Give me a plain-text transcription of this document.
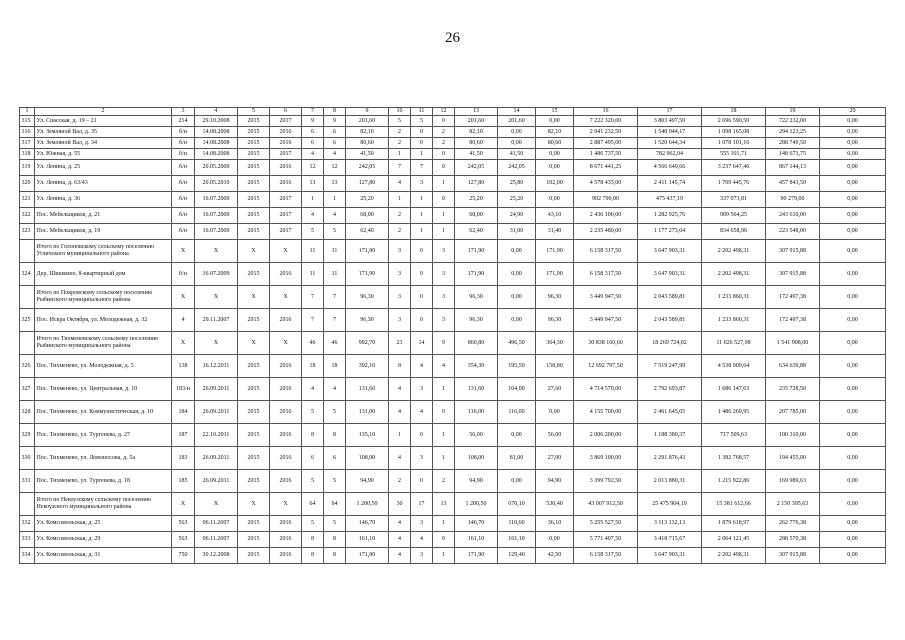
26
1	2	3	4	5	6	7	8	9	10	11	12	13	14	15	16	17	18	19	20
315	Ул. Спасская, д. 19 – 21	214	29.10.2008	2015	2017	9	9	201,60	5	5	0	201,60	201,60	0,00	7 222 320,00	3 803 497,50	2 696 590,50	722 232,00	0,00
316	Ул. Земляной Вал, д. 35	б/н	14.08.2008	2015	2016	6	6	82,10	2	0	2	82,10	0,00	82,10	2 941 232,50	1 548 944,17	1 098 165,08	294 123,25	0,00
317	Ул. Земляной Вал, д. 34	б/н	14.08.2008	2015	2016	6	6	80,60	2	0	2	80,60	0,00	80,60	2 887 495,00	1 520 644,34	1 078 101,16	288 749,50	0,00
318	Ул. Южная, д. 55	б/н	14.08.2008	2015	2017	4	4	41,50	1	1	0	41,50	41,50	0,00	1 486 737,50	782 962,04	555 101,71	148 673,75	0,00
319	Ул. Ленина, д. 25	б/н	20.05.2009	2015	2016	12	12	242,05	7	7	0	242,05	242,05	0,00	8 671 441,25	4 566 649,66	3 237 647,46	867 144,13	0,00
320	Ул. Ленина, д. 63/43	б/н	20.05.2010	2015	2016	13	13	127,80	4	3	1	127,80	25,80	102,00	4 578 435,00	2 411 145,74	1 709 445,76	457 843,50	0,00
321	Ул. Ленина, д. 36	б/н	16.07.2009	2015	2017	1	1	25,20	1	1	0	25,20	25,20	0,00	902 790,00	475 437,19	337 073,81	90 279,00	0,00
322	Пос. Мебельщиков, д. 21	б/н	16.07.2009	2015	2017	4	4	68,00	2	1	1	68,00	24,90	43,10	2 436 100,00	1 282 925,76	909 564,25	243 610,00	0,00
323	Пос. Мебельщиков, д. 19	б/н	16.07.2009	2015	2017	5	5	62,40	2	1	1	62,40	31,00	31,40	2 235 480,00	1 177 273,04	834 658,96	223 548,00	0,00
	Итого по Голоновскому сельскому поселению Угличского муниципального района	X	X	X	X	11	11	171,90	3	0	3	171,90	0,00	171,90	6 158 317,50	3 647 903,31	2 202 498,31	307 915,88	0,00
324	Дер. Шишкино, 8-квартирный дом	б/н	16.07.2009	2015	2016	11	11	171,90	3	0	3	171,90	0,00	171,90	6 158 317,50	3 647 903,31	2 202 498,31	307 915,88	0,00
	Итого по Покровскому сельскому поселению Рыбинского муниципального района	X	X	X	X	7	7	96,30	3	0	3	96,30	0,00	96,30	3 449 947,50	2 043 589,81	1 233 860,31	172 497,38	0,00
325	Пос. Искра Октября, ул. Молодежная, д. 32	4	29.11.2007	2015	2016	7	7	96,30	3	0	3	96,30	0,00	96,30	3 449 947,50	2 043 589,81	1 233 860,31	172 497,38	0,00
	Итого по Тихменевскому сельскому поселению Рыбинского муниципального района	X	X	X	X	46	46	992,70	23	14	9	860,80	496,50	364,30	30 838 160,60	18 269 724,02	11 026 527,98	1 541 908,00	0,00
326	Пос. Тихменево, ул. Молодежная, д. 5	138	16.12.2011	2015	2016	18	18	392,10	8	4	4	354,30	195,50	158,80	12 692 797,50	7 519 247,99	4 538 909,64	634 639,88	0,00
327	Пос. Тихменево, ул. Центральная, д. 10	183/н	26.09.2011	2015	2016	4	4	131,60	4	3	1	131,60	104,00	27,60	4 714 570,00	2 792 693,87	1 686 147,63	235 728,50	0,00
328	Пос. Тихменево, ул. Коммунистическая, д. 10	184	26.09.2011	2015	2016	5	5	131,00	4	4	0	116,00	116,00	0,00	4 155 700,00	2 461 645,05	1 486 269,95	207 785,00	0,00
329	Пос. Тихменево, ул. Тургенева, д. 27	187	22.10.2011	2015	2016	8	8	135,10	1	0	1	56,00	0,00	56,00	2 006 200,00	1 188 380,37	717 509,63	100 310,00	0,00
330	Пос. Тихменево, ул. Ломоносова, д. 5а	183	26.09.2011	2015	2016	6	6	108,00	4	3	1	108,00	81,00	27,00	3 869 100,00	2 291 876,43	1 382 768,57	194 455,00	0,00
331	Пос. Тихменево, ул. Тургенева, д. 18	185	26.09.2011	2015	2016	5	5	94,90	2	0	2	94,90	0,00	94,90	3 399 792,50	2 013 880,31	1 215 922,86	169 989,63	0,00
	Итого по Некоузскому сельскому поселению Некоузского муниципального района	X	X	X	X	64	64	1 200,50	30	17	13	1 200,50	670,10	530,40	43 007 912,50	25 475 904,19	15 381 612,66	2 150 395,63	0,00
332	Ул. Комсомольская, д. 25	563	06.11.2007	2015	2016	5	5	146,70	4	3	1	146,70	110,60	36,10	5 255 527,50	3 113 132,13	1 879 618,97	262 776,38	0,00
333	Ул. Комсомольская, д. 29	563	06.11.2007	2015	2016	8	8	161,10	4	4	0	161,10	161,10	0,00	5 771 407,50	3 418 715,67	2 064 121,45	288 570,38	0,00
334	Ул. Комсомольская, д. 31	750	30.12.2008	2015	2016	8	8	171,90	4	3	1	171,90	129,40	42,50	6 158 317,50	3 647 903,31	2 202 498,31	307 915,88	0,00
